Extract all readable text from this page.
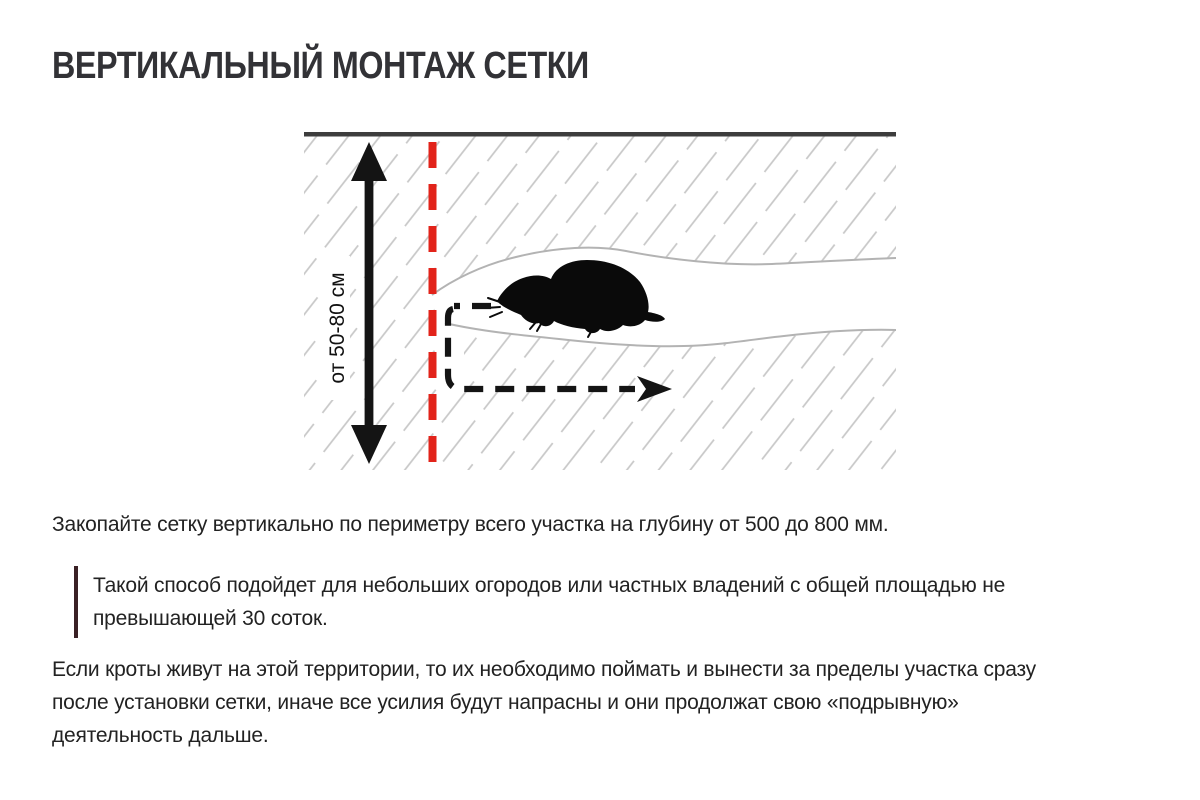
ВЕРТИКАЛЬНЫЙ МОНТАЖ СЕТКИ
от 50-80 см

Закопайте сетку вертикально по периметру всего участка на глубину от 500 до 800 мм.

Такой способ подойдет для небольших огородов или частных владений с общей площадью не превышающей 30 соток.

Если кроты живут на этой территории, то их необходимо поймать и вынести за пределы участка сразу после установки сетки, иначе все усилия будут напрасны и они продолжат свою «подрывную» деятельность дальше.
